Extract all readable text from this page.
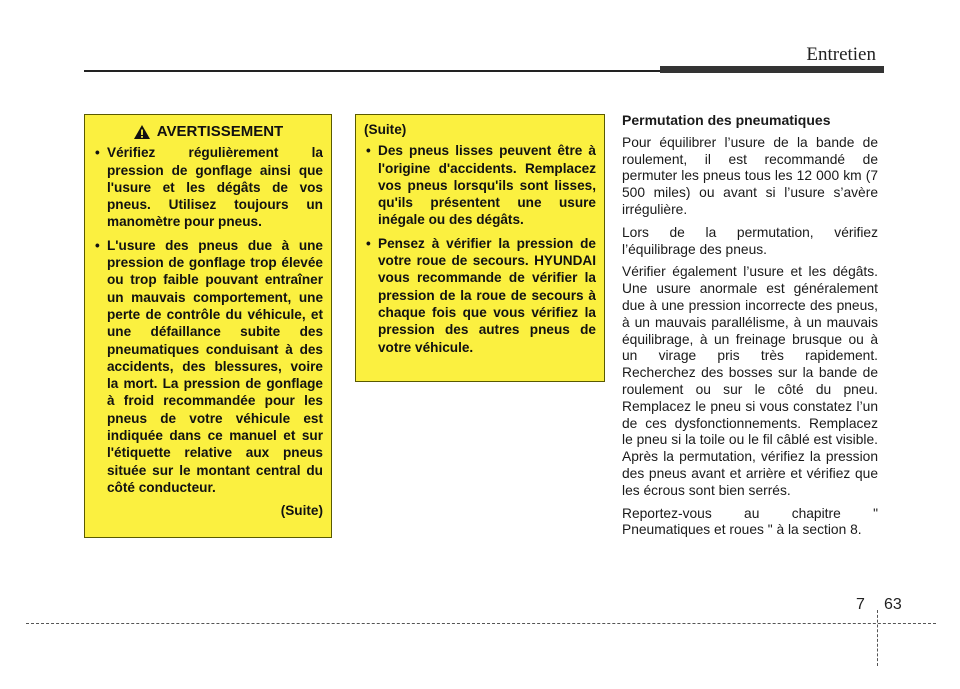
Entretien
AVERTISSEMENT
• Vérifiez régulièrement la pression de gonflage ainsi que l'usure et les dégâts de vos pneus. Utilisez toujours un manomètre pour pneus.
• L'usure des pneus due à une pression de gonflage trop élevée ou trop faible pouvant entraîner un mauvais comportement, une perte de contrôle du véhicule, et une défaillance subite des pneumatiques conduisant à des accidents, des blessures, voire la mort. La pression de gonflage à froid recommandée pour les pneus de votre véhicule est indiquée dans ce manuel et sur l'étiquette relative aux pneus située sur le montant central du côté conducteur.
(Suite)
(Suite)
• Des pneus lisses peuvent être à l'origine d'accidents. Remplacez vos pneus lorsqu'ils sont lisses, qu'ils présentent une usure inégale ou des dégâts.
• Pensez à vérifier la pression de votre roue de secours. HYUNDAI vous recommande de vérifier la pression de la roue de secours à chaque fois que vous vérifiez la pression des autres pneus de votre véhicule.
Permutation des pneumatiques

Pour équilibrer l’usure de la bande de roulement, il est recommandé de permuter les pneus tous les 12 000 km (7 500 miles) ou avant si l’usure s’avère irrégulière.

Lors de la permutation, vérifiez l’équilibrage des pneus.

Vérifier également l’usure et les dégâts. Une usure anormale est généralement due à une pression incorrecte des pneus, à un mauvais parallélisme, à un mauvais équilibrage, à un freinage brusque ou à un virage pris très rapidement. Recherchez des bosses sur la bande de roulement ou sur le côté du pneu. Remplacez le pneu si vous constatez l’un de ces dysfonctionnements. Remplacez le pneu si la toile ou le fil câblé est visible. Après la permutation, vérifiez la pression des pneus avant et arrière et vérifiez que les écrous sont bien serrés.

Reportez-vous au chapitre " Pneumatiques et roues " à la section 8.

7 63
